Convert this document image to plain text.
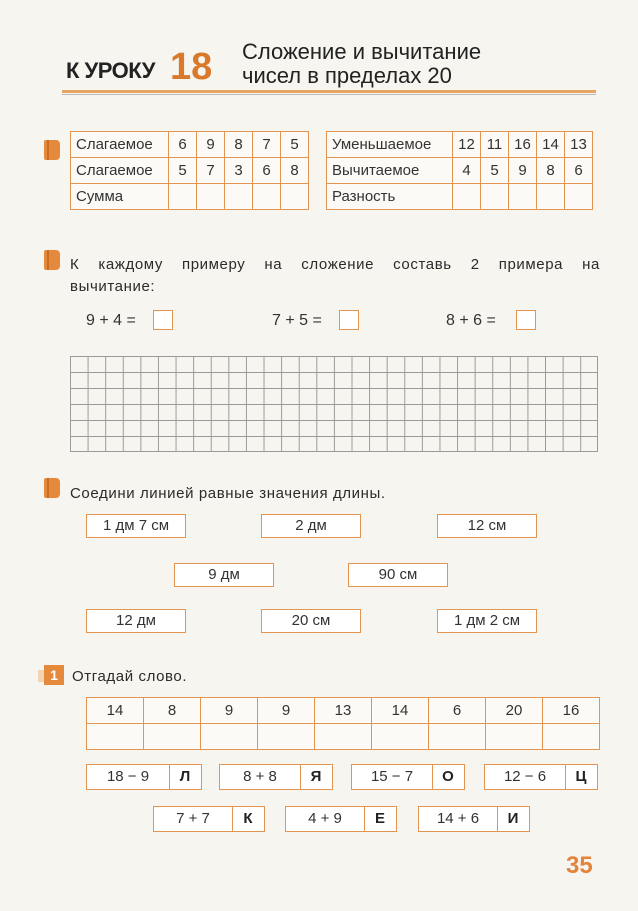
К УРОКУ 18 Сложение и вычитание
чисел в пределах 20
Слагаемое	6	9	8	7	5
Слагаемое	5	7	3	6	8
Сумма					
Уменьшаемое	12	11	16	14	13
Вычитаемое	4	5	9	8	6
Разность					
К каждому примеру на сложение составь 2 примера на
вычитание:
9 + 4 =	7 + 5 =	8 + 6 =
Соедини линией равные значения длины.
1 дм 7 см	2 дм	12 см
9 дм	90 см
12 дм	20 см	1 дм 2 см
1 Отгадай слово.
14	8	9	9	13	14	6	20	16

18 − 9	Л	8 + 8	Я	15 − 7	О	12 − 6	Ц
7 + 7	К	4 + 9	Е	14 + 6	И
35
